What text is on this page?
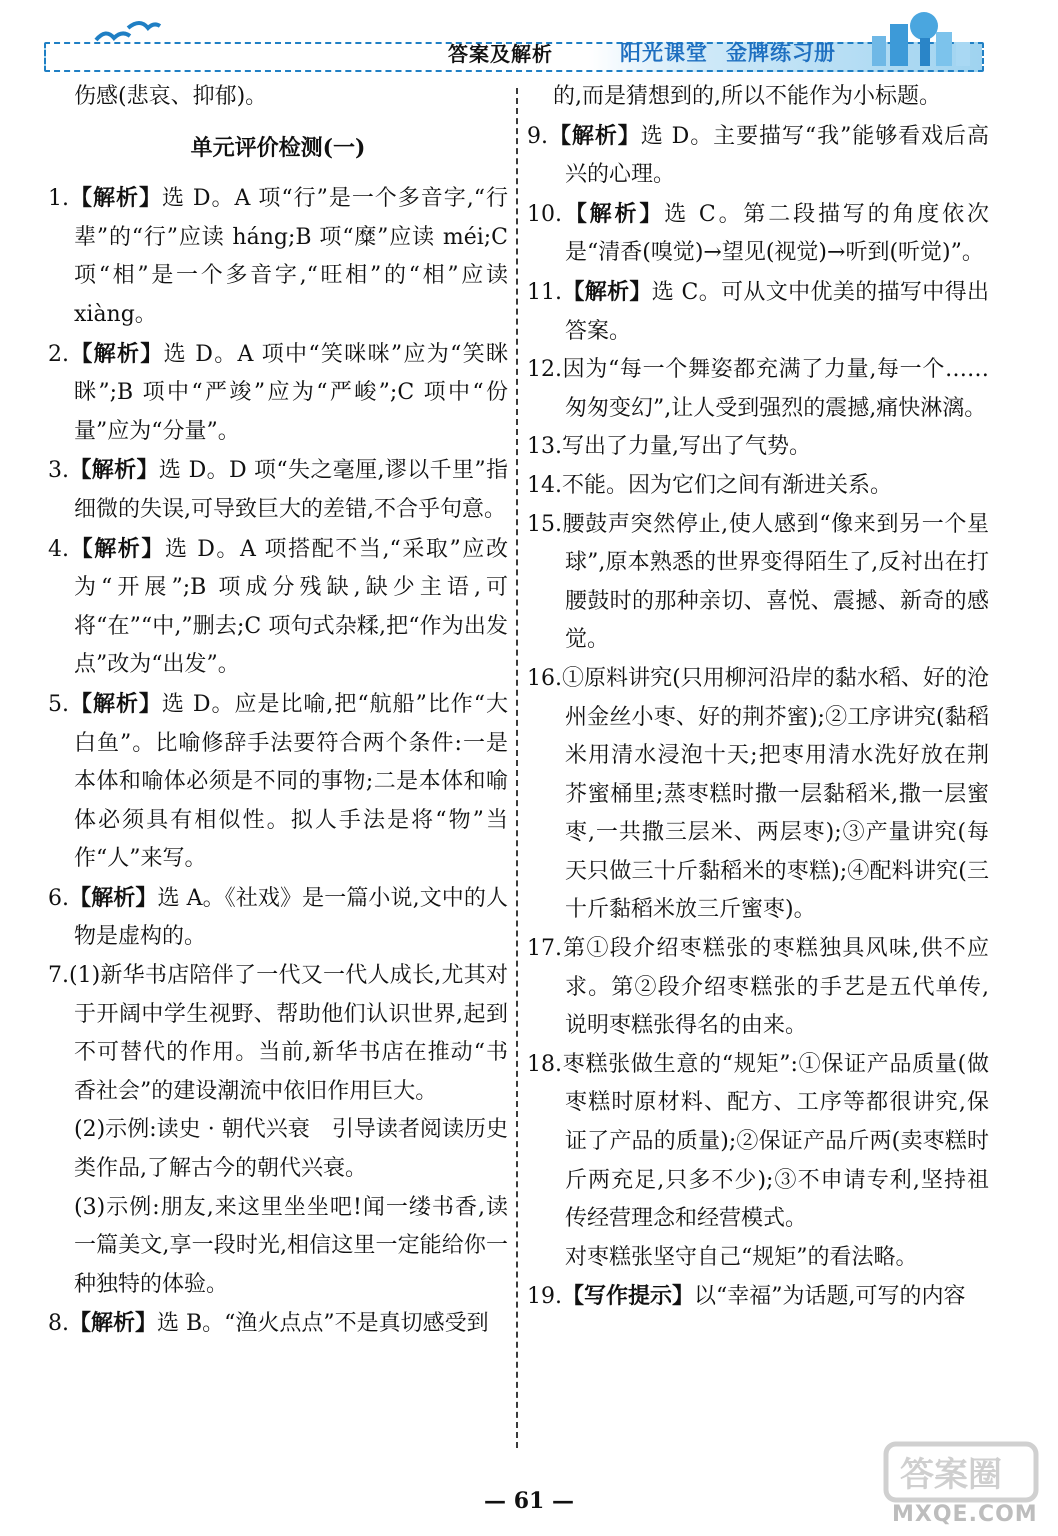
答案及解析	阳光课堂 金牌练习册

伤感(悲哀、抑郁)。

单元评价检测(一)

1.【解析】选 D。A 项“行”是一个多音字,“行辈”的“行”应读 háng;B 项“糜”应读 méi;C 项“相”是一个多音字,“旺相”的“相”应读 xiàng。

2.【解析】选 D。A 项中“笑咪咪”应为“笑眯眯”;B 项中“严竣”应为“严峻”;C 项中“份量”应为“分量”。

3.【解析】选 D。D 项“失之毫厘,谬以千里”指细微的失误,可导致巨大的差错,不合乎句意。

4.【解析】选 D。A 项搭配不当,“采取”应改为“开展”;B 项成分残缺,缺少主语,可将“在”“中,”删去;C 项句式杂糅,把“作为出发点”改为“出发”。

5.【解析】选 D。应是比喻,把“航船”比作“大白鱼”。比喻修辞手法要符合两个条件:一是本体和喻体必须是不同的事物;二是本体和喻体必须具有相似性。拟人手法是将“物”当作“人”来写。

6.【解析】选 A。《社戏》是一篇小说,文中的人物是虚构的。

7.(1)新华书店陪伴了一代又一代人成长,尤其对于开阔中学生视野、帮助他们认识世界,起到不可替代的作用。当前,新华书店在推动“书香社会”的建设潮流中依旧作用巨大。

(2)示例:读史 · 朝代兴衰　引导读者阅读历史类作品,了解古今的朝代兴衰。

(3)示例:朋友,来这里坐坐吧!闻一缕书香,读一篇美文,享一段时光,相信这里一定能给你一种独特的体验。

8.【解析】选 B。“渔火点点”不是真切感受到

的,而是猜想到的,所以不能作为小标题。

9.【解析】选 D。主要描写“我”能够看戏后高兴的心理。

10.【解析】选 C。第二段描写的角度依次是“清香(嗅觉)→望见(视觉)→听到(听觉)”。

11.【解析】选 C。可从文中优美的描写中得出答案。

12.因为“每一个舞姿都充满了力量,每一个……匆匆变幻”,让人受到强烈的震撼,痛快淋漓。

13.写出了力量,写出了气势。

14.不能。因为它们之间有渐进关系。

15.腰鼓声突然停止,使人感到“像来到另一个星球”,原本熟悉的世界变得陌生了,反衬出在打腰鼓时的那种亲切、喜悦、震撼、新奇的感觉。

16.①原料讲究(只用柳河沿岸的黏水稻、好的沧州金丝小枣、好的荆芥蜜);②工序讲究(黏稻米用清水浸泡十天;把枣用清水洗好放在荆芥蜜桶里;蒸枣糕时撒一层黏稻米,撒一层蜜枣,一共撒三层米、两层枣);③产量讲究(每天只做三十斤黏稻米的枣糕);④配料讲究(三十斤黏稻米放三斤蜜枣)。

17.第①段介绍枣糕张的枣糕独具风味,供不应求。第②段介绍枣糕张的手艺是五代单传,说明枣糕张得名的由来。

18.枣糕张做生意的“规矩”:①保证产品质量(做枣糕时原材料、配方、工序等都很讲究,保证了产品的质量);②保证产品斤两(卖枣糕时斤两充足,只多不少);③不申请专利,坚持祖传经营理念和经营模式。

对枣糕张坚守自己“规矩”的看法略。

19.【写作提示】以“幸福”为话题,可写的内容

— 61 —
答案圈
MXQE.COM
